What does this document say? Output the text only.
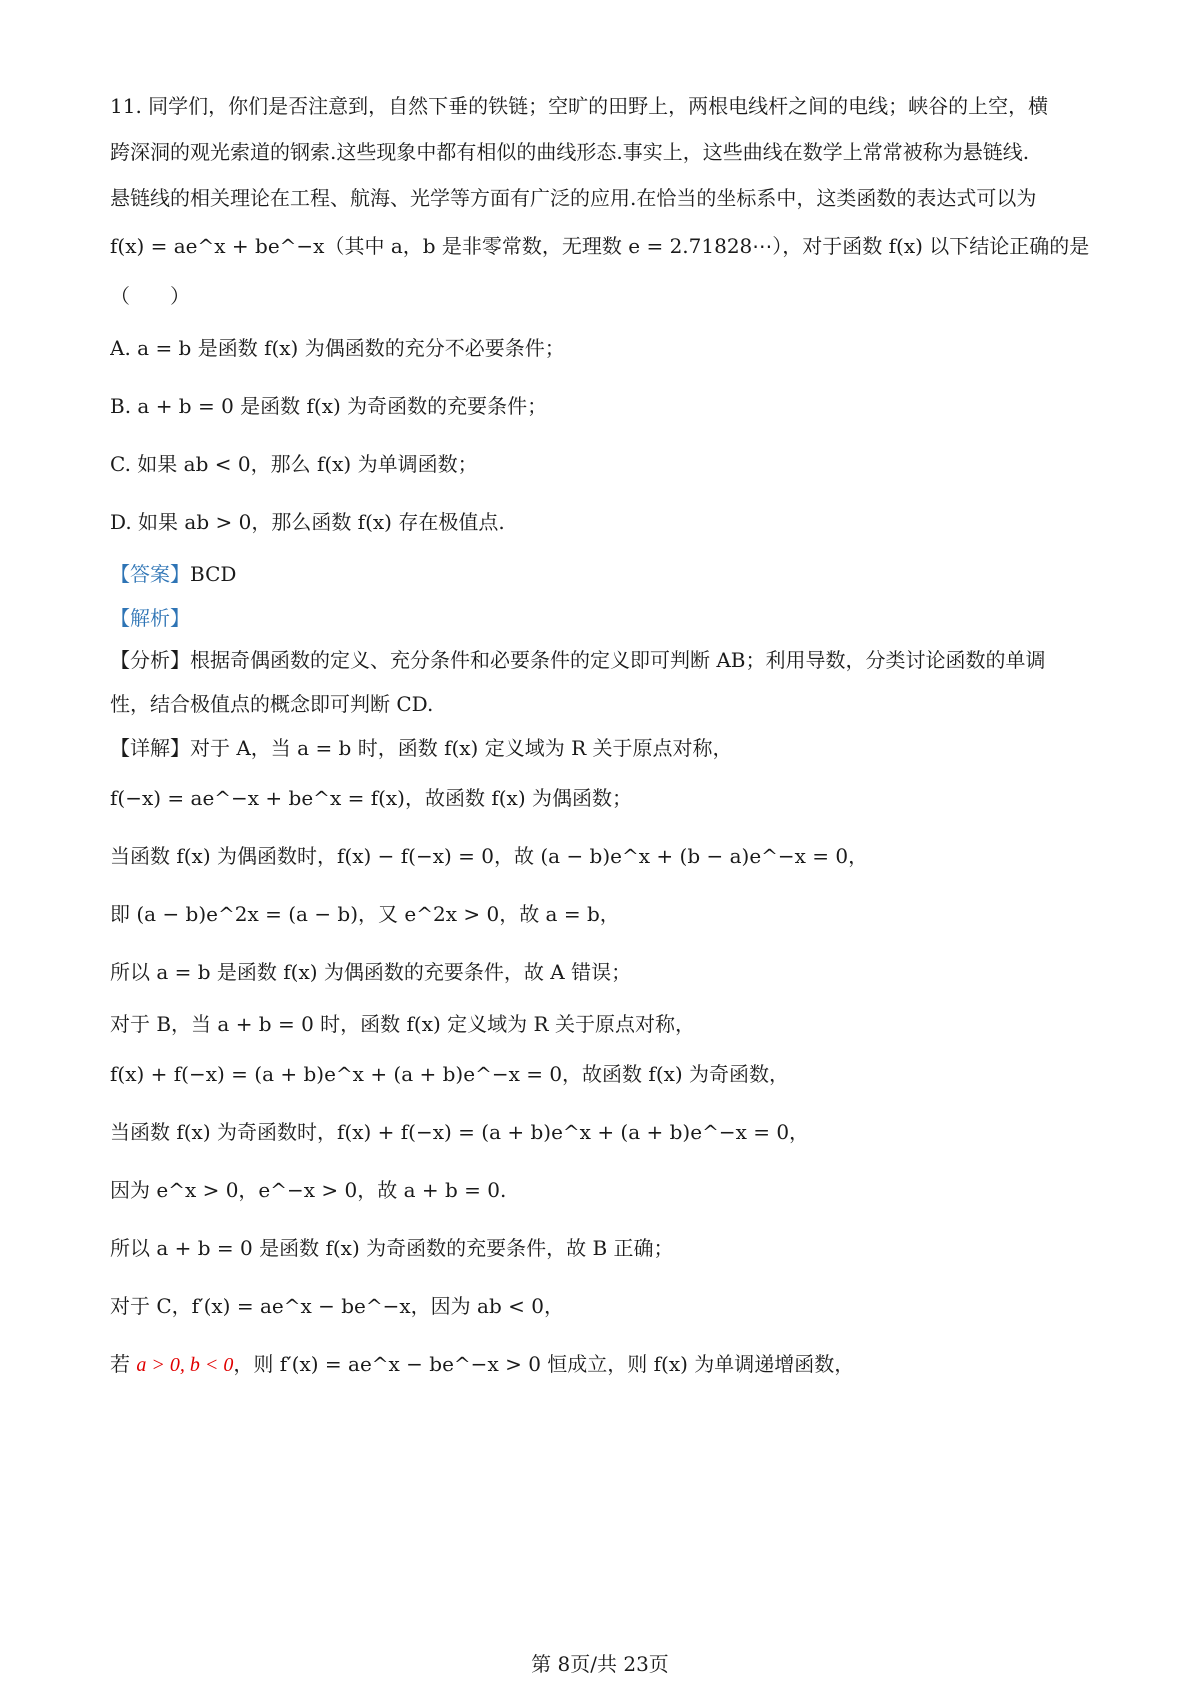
11. 同学们，你们是否注意到，自然下垂的铁链；空旷的田野上，两根电线杆之间的电线；峡谷的上空，横
跨深洞的观光索道的钢索.这些现象中都有相似的曲线形态.事实上，这些曲线在数学上常常被称为悬链线.
悬链线的相关理论在工程、航海、光学等方面有广泛的应用.在恰当的坐标系中，这类函数的表达式可以为
f(x) = ae^x + be^−x（其中 a，b 是非零常数，无理数 e = 2.71828⋯），对于函数 f(x) 以下结论正确的是
（　　）
A. a = b 是函数 f(x) 为偶函数的充分不必要条件；
B. a + b = 0 是函数 f(x) 为奇函数的充要条件；
C. 如果 ab < 0，那么 f(x) 为单调函数；
D. 如果 ab > 0，那么函数 f(x) 存在极值点.
【答案】BCD
【解析】
【分析】根据奇偶函数的定义、充分条件和必要条件的定义即可判断 AB；利用导数，分类讨论函数的单调
性，结合极值点的概念即可判断 CD.
【详解】对于 A，当 a = b 时，函数 f(x) 定义域为 R 关于原点对称，
f(−x) = ae^−x + be^x = f(x)，故函数 f(x) 为偶函数；
当函数 f(x) 为偶函数时，f(x) − f(−x) = 0，故 (a − b)e^x + (b − a)e^−x = 0，
即 (a − b)e^2x = (a − b)，又 e^2x > 0，故 a = b，
所以 a = b 是函数 f(x) 为偶函数的充要条件，故 A 错误；
对于 B，当 a + b = 0 时，函数 f(x) 定义域为 R 关于原点对称，
f(x) + f(−x) = (a + b)e^x + (a + b)e^−x = 0，故函数 f(x) 为奇函数，
当函数 f(x) 为奇函数时，f(x) + f(−x) = (a + b)e^x + (a + b)e^−x = 0，
因为 e^x > 0，e^−x > 0，故 a + b = 0.
所以 a + b = 0 是函数 f(x) 为奇函数的充要条件，故 B 正确；
对于 C，f′(x) = ae^x − be^−x，因为 ab < 0，
若 a > 0, b < 0，则 f′(x) = ae^x − be^−x > 0 恒成立，则 f(x) 为单调递增函数，
第 8页/共 23页
